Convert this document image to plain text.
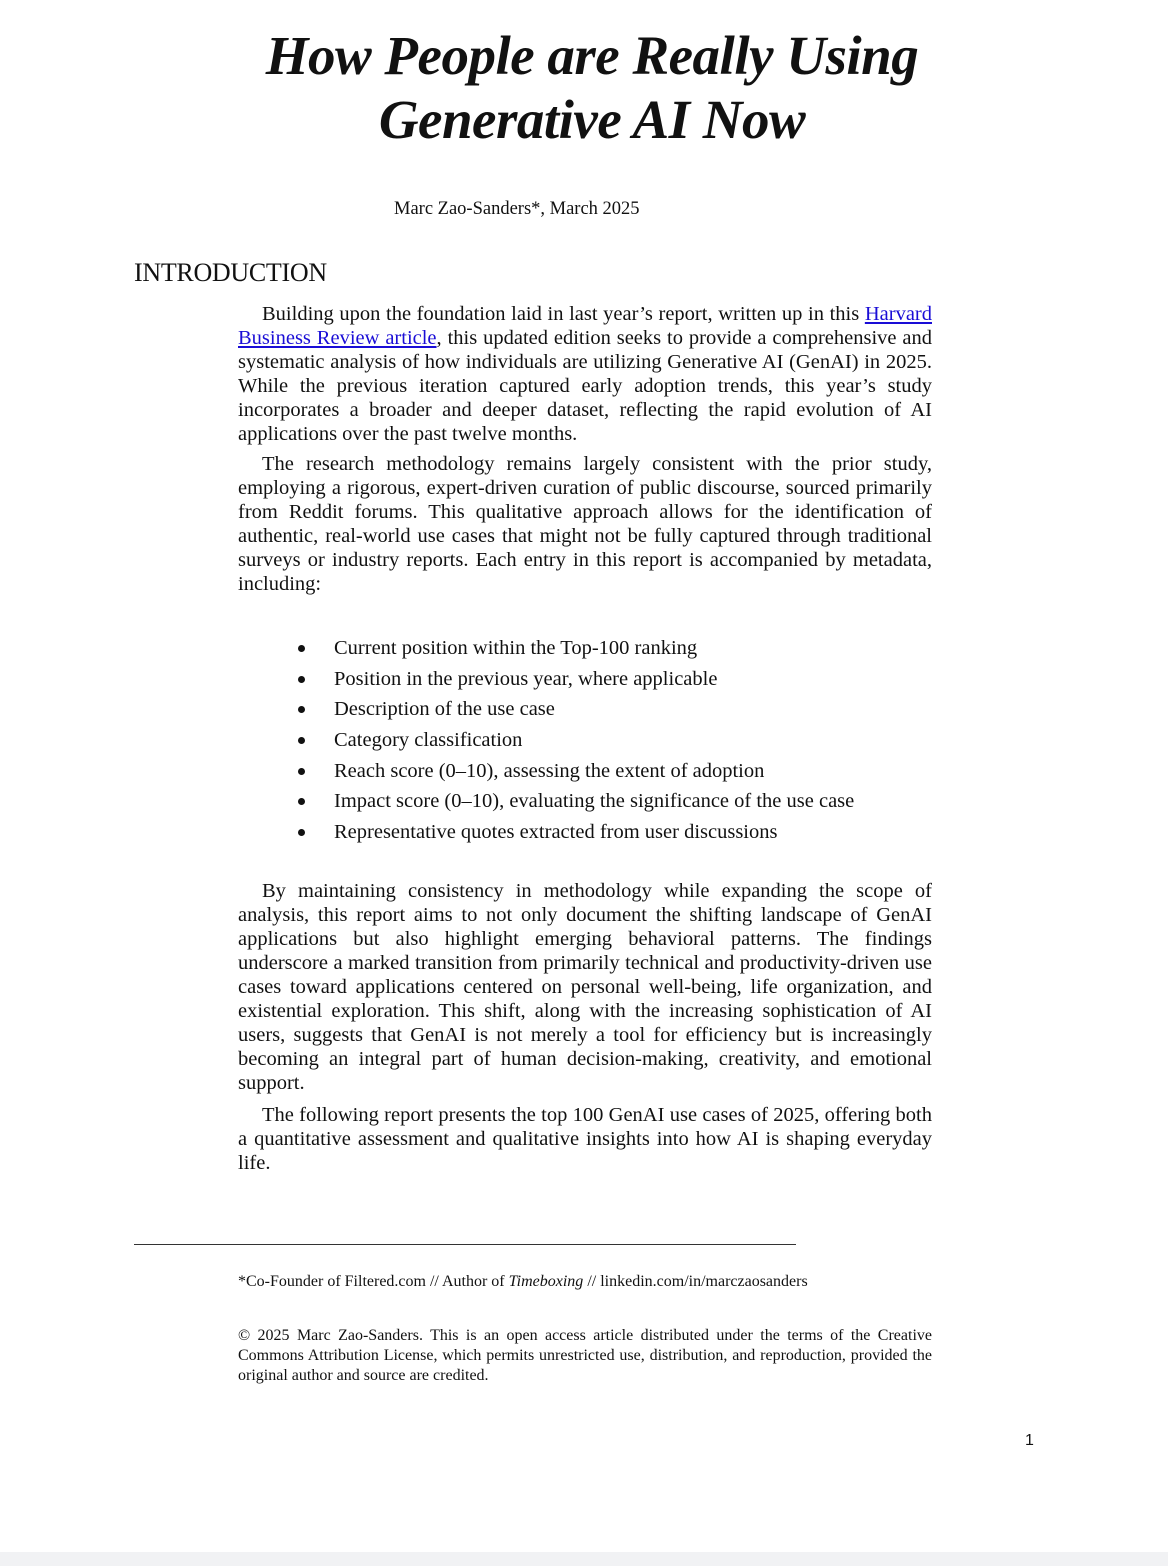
How People are Really Using
Generative AI Now
Marc Zao-Sanders*, March 2025
INTRODUCTION

Building upon the foundation laid in last year’s report, written up in this Harvard Business Review article, this updated edition seeks to provide a comprehensive and systematic analysis of how individuals are utilizing Generative AI (GenAI) in 2025. While the previous iteration captured early adoption trends, this year’s study incorporates a broader and deeper dataset, reflecting the rapid evolution of AI applications over the past twelve months.

The research methodology remains largely consistent with the prior study, employing a rigorous, expert-driven curation of public discourse, sourced primarily from Reddit forums. This qualitative approach allows for the identification of authentic, real-world use cases that might not be fully captured through traditional surveys or industry reports. Each entry in this report is accompanied by metadata, including:

Current position within the Top-100 ranking
Position in the previous year, where applicable
Description of the use case
Category classification
Reach score (0–10), assessing the extent of adoption
Impact score (0–10), evaluating the significance of the use case
Representative quotes extracted from user discussions

By maintaining consistency in methodology while expanding the scope of analysis, this report aims to not only document the shifting landscape of GenAI applications but also highlight emerging behavioral patterns. The findings underscore a marked transition from primarily technical and productivity-driven use cases toward applications centered on personal well-being, life organization, and existential exploration. This shift, along with the increasing sophistication of AI users, suggests that GenAI is not merely a tool for efficiency but is increasingly becoming an integral part of human decision-making, creativity, and emotional support.

The following report presents the top 100 GenAI use cases of 2025, offering both a quantitative assessment and qualitative insights into how AI is shaping everyday life.

*Co-Founder of Filtered.com // Author of Timeboxing // linkedin.com/in/marczaosanders

© 2025 Marc Zao-Sanders. This is an open access article distributed under the terms of the Creative Commons Attribution License, which permits unrestricted use, distribution, and reproduction, provided the original author and source are credited.

1
